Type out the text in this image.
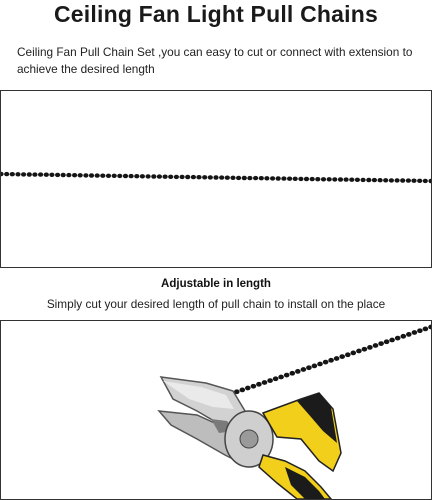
Ceiling Fan Light Pull Chains
Ceiling Fan Pull Chain Set ,you can easy to cut or connect with extension to achieve the desired length
Adjustable in length
Simply cut your desired length of pull chain to install on the place
